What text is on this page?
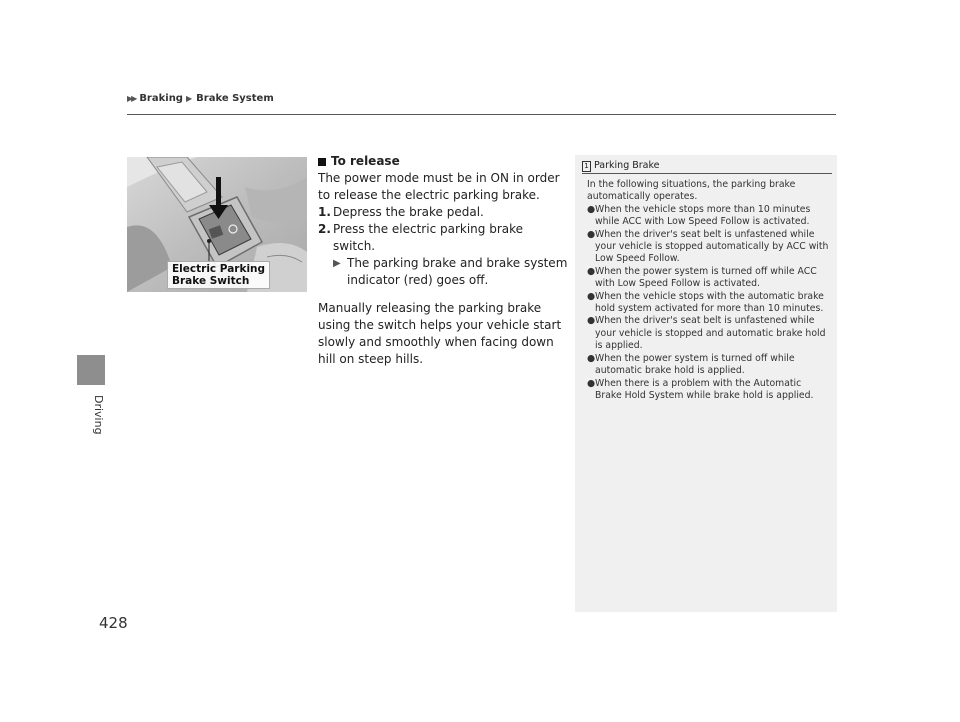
▶▶ Braking ▶ Brake System
Driving
428
Electric Parking
Brake Switch
To release
The power mode must be in ON in order to release the electric parking brake.
1. Depress the brake pedal.
2. Press the electric parking brake switch.
▶ The parking brake and brake system indicator (red) goes off.
Manually releasing the parking brake using the switch helps your vehicle start slowly and smoothly when facing down hill on steep hills.
1 Parking Brake
In the following situations, the parking brake automatically operates.
● When the vehicle stops more than 10 minutes while ACC with Low Speed Follow is activated.
● When the driver's seat belt is unfastened while your vehicle is stopped automatically by ACC with Low Speed Follow.
● When the power system is turned off while ACC with Low Speed Follow is activated.
● When the vehicle stops with the automatic brake hold system activated for more than 10 minutes.
● When the driver's seat belt is unfastened while your vehicle is stopped and automatic brake hold is applied.
● When the power system is turned off while automatic brake hold is applied.
● When there is a problem with the Automatic Brake Hold System while brake hold is applied.
